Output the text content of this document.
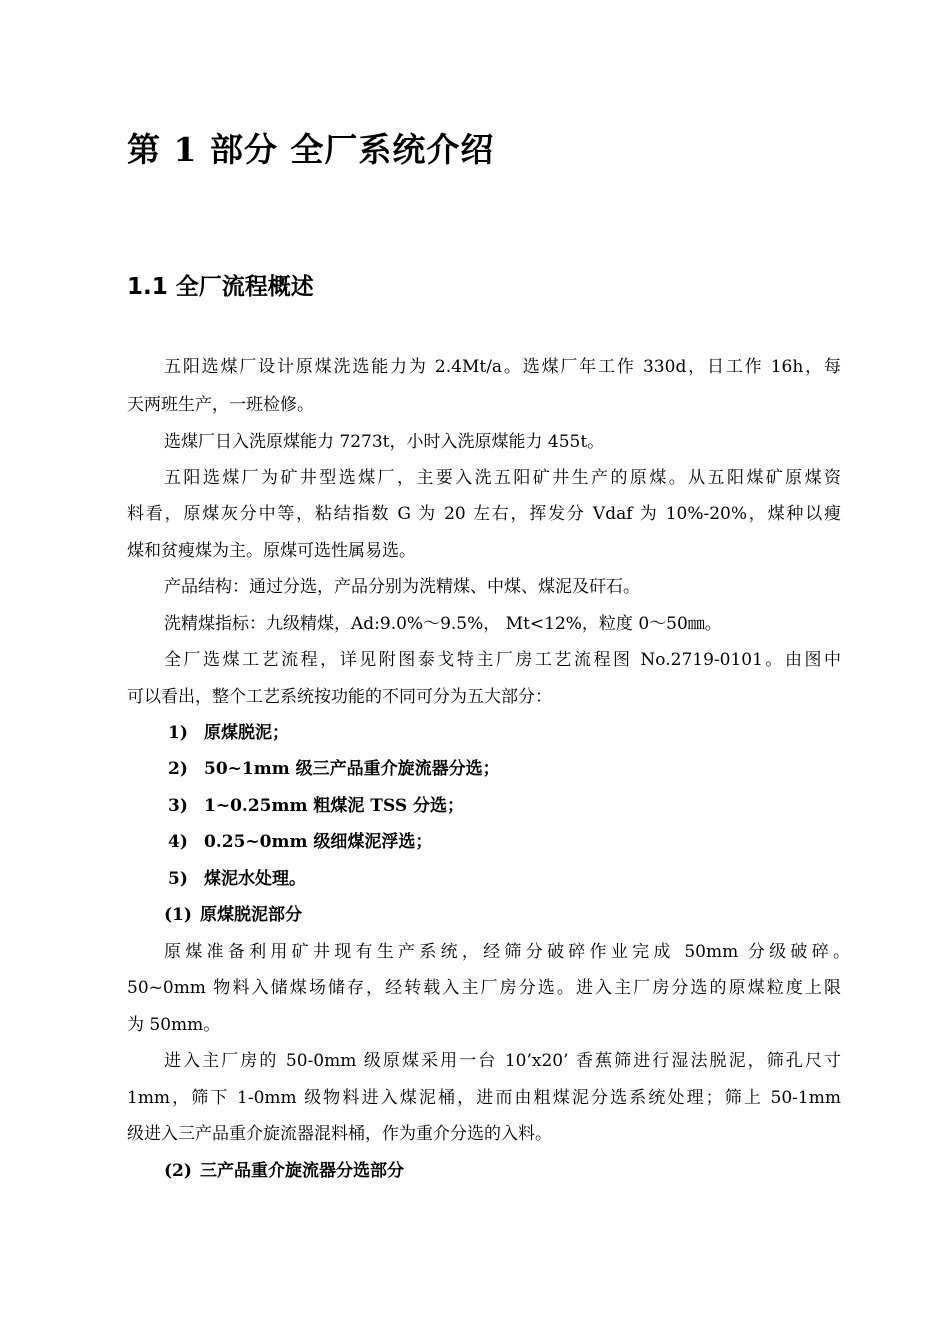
第 1 部分 全厂系统介绍
1.1 全厂流程概述
五阳选煤厂设计原煤洗选能力为 2.4Mt/a。选煤厂年工作 330d，日工作 16h，每
天两班生产，一班检修。
选煤厂日入洗原煤能力 7273t，小时入洗原煤能力 455t。
五阳选煤厂为矿井型选煤厂，主要入洗五阳矿井生产的原煤。从五阳煤矿原煤资
料看，原煤灰分中等，粘结指数 G 为 20 左右，挥发分 Vdaf 为 10%-20%，煤种以瘦
煤和贫瘦煤为主。原煤可选性属易选。
产品结构：通过分选，产品分别为洗精煤、中煤、煤泥及矸石。
洗精煤指标：九级精煤，Ad:9.0%～9.5%， Mt<12%，粒度 0～50㎜。
全厂选煤工艺流程，详见附图泰戈特主厂房工艺流程图 No.2719-0101。由图中
可以看出，整个工艺系统按功能的不同可分为五大部分：
1) 原煤脱泥；
2) 50~1mm 级三产品重介旋流器分选；
3) 1~0.25mm 粗煤泥 TSS 分选；
4) 0.25~0mm 级细煤泥浮选；
5) 煤泥水处理。
(1) 原煤脱泥部分
原煤准备利用矿井现有生产系统，经筛分破碎作业完成 50mm 分级破碎。
50~0mm 物料入储煤场储存，经转载入主厂房分选。进入主厂房分选的原煤粒度上限
为 50mm。
进入主厂房的 50-0mm 级原煤采用一台 10’x20’ 香蕉筛进行湿法脱泥，筛孔尺寸
1mm，筛下 1-0mm 级物料进入煤泥桶，进而由粗煤泥分选系统处理；筛上 50-1mm
级进入三产品重介旋流器混料桶，作为重介分选的入料。
(2) 三产品重介旋流器分选部分
